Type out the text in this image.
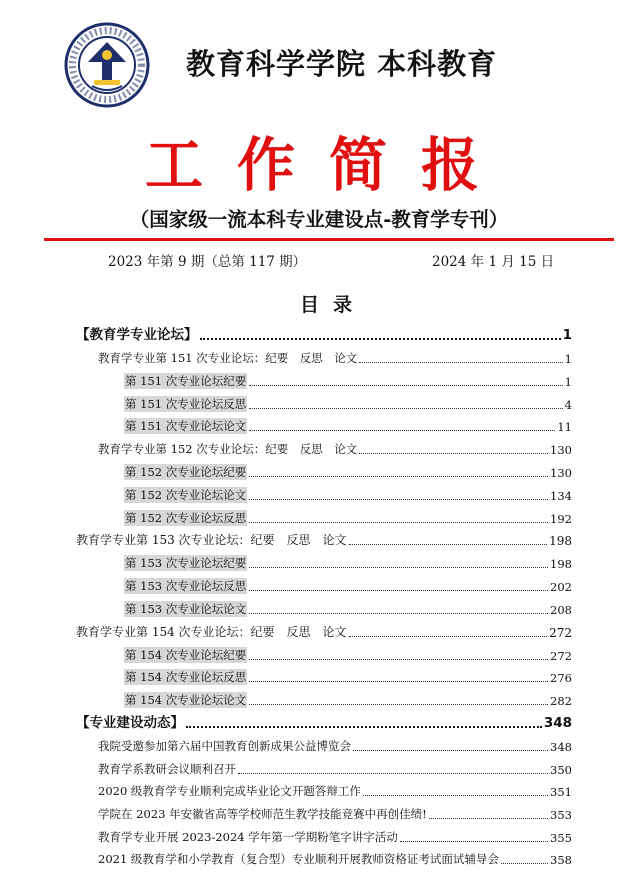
教育科学学院 本科教育
工作简报
（国家级一流本科专业建设点-教育学专刊）
2023 年第 9 期（总第 117 期）	2024 年 1 月 15 日
目录
【教育学专业论坛】	1
教育学专业第 151 次专业论坛：纪要　反思　论文	1
第 151 次专业论坛纪要	1
第 151 次专业论坛反思	4
第 151 次专业论坛论文	11
教育学专业第 152 次专业论坛：纪要　反思　论文	130
第 152 次专业论坛纪要	130
第 152 次专业论坛论文	134
第 152 次专业论坛反思	192
教育学专业第 153 次专业论坛：纪要　反思　论文	198
第 153 次专业论坛纪要	198
第 153 次专业论坛反思	202
第 153 次专业论坛论文	208
教育学专业第 154 次专业论坛：纪要　反思　论文	272
第 154 次专业论坛纪要	272
第 154 次专业论坛反思	276
第 154 次专业论坛论文	282
【专业建设动态】	348
我院受邀参加第六届中国教育创新成果公益博览会	348
教育学系教研会议顺利召开	350
2020 级教育学专业顺利完成毕业论文开题答辩工作	351
学院在 2023 年安徽省高等学校师范生教学技能竞赛中再创佳绩!	353
教育学专业开展 2023-2024 学年第一学期粉笔字讲字活动	355
2021 级教育学和小学教育（复合型）专业顺利开展教师资格证考试面试辅导会	358
